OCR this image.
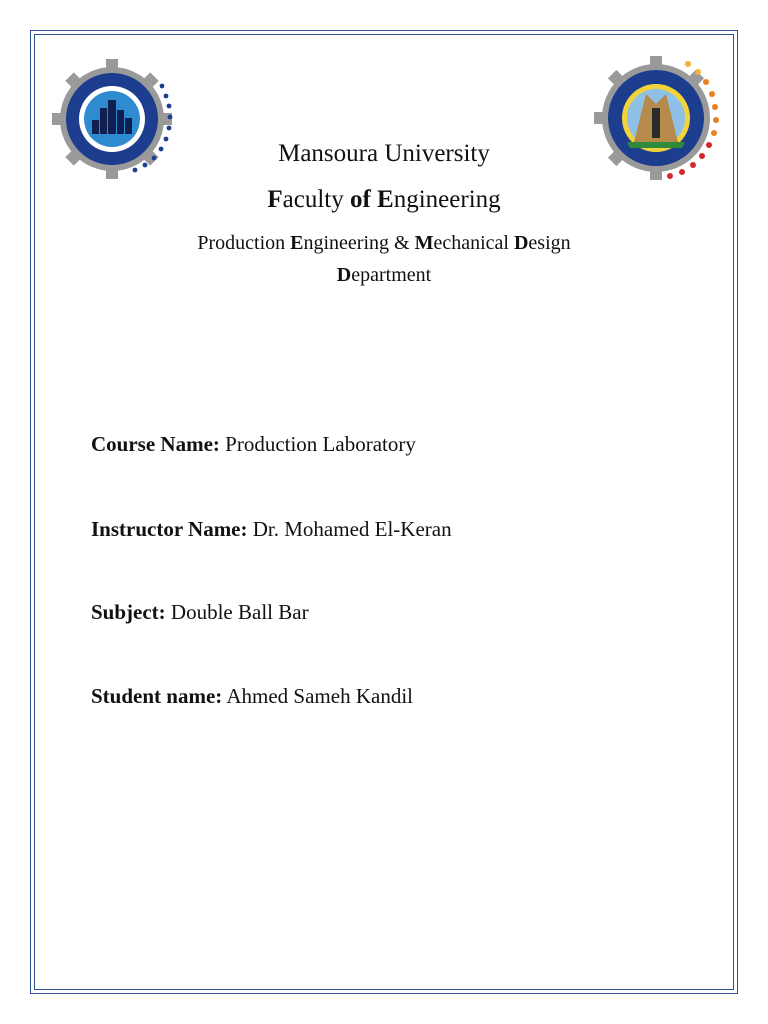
Mansoura University
Faculty of Engineering
Production Engineering & Mechanical Design
Department
Course Name: Production Laboratory
Instructor Name: Dr. Mohamed El-Keran
Subject: Double Ball Bar
Student name: Ahmed Sameh Kandil
